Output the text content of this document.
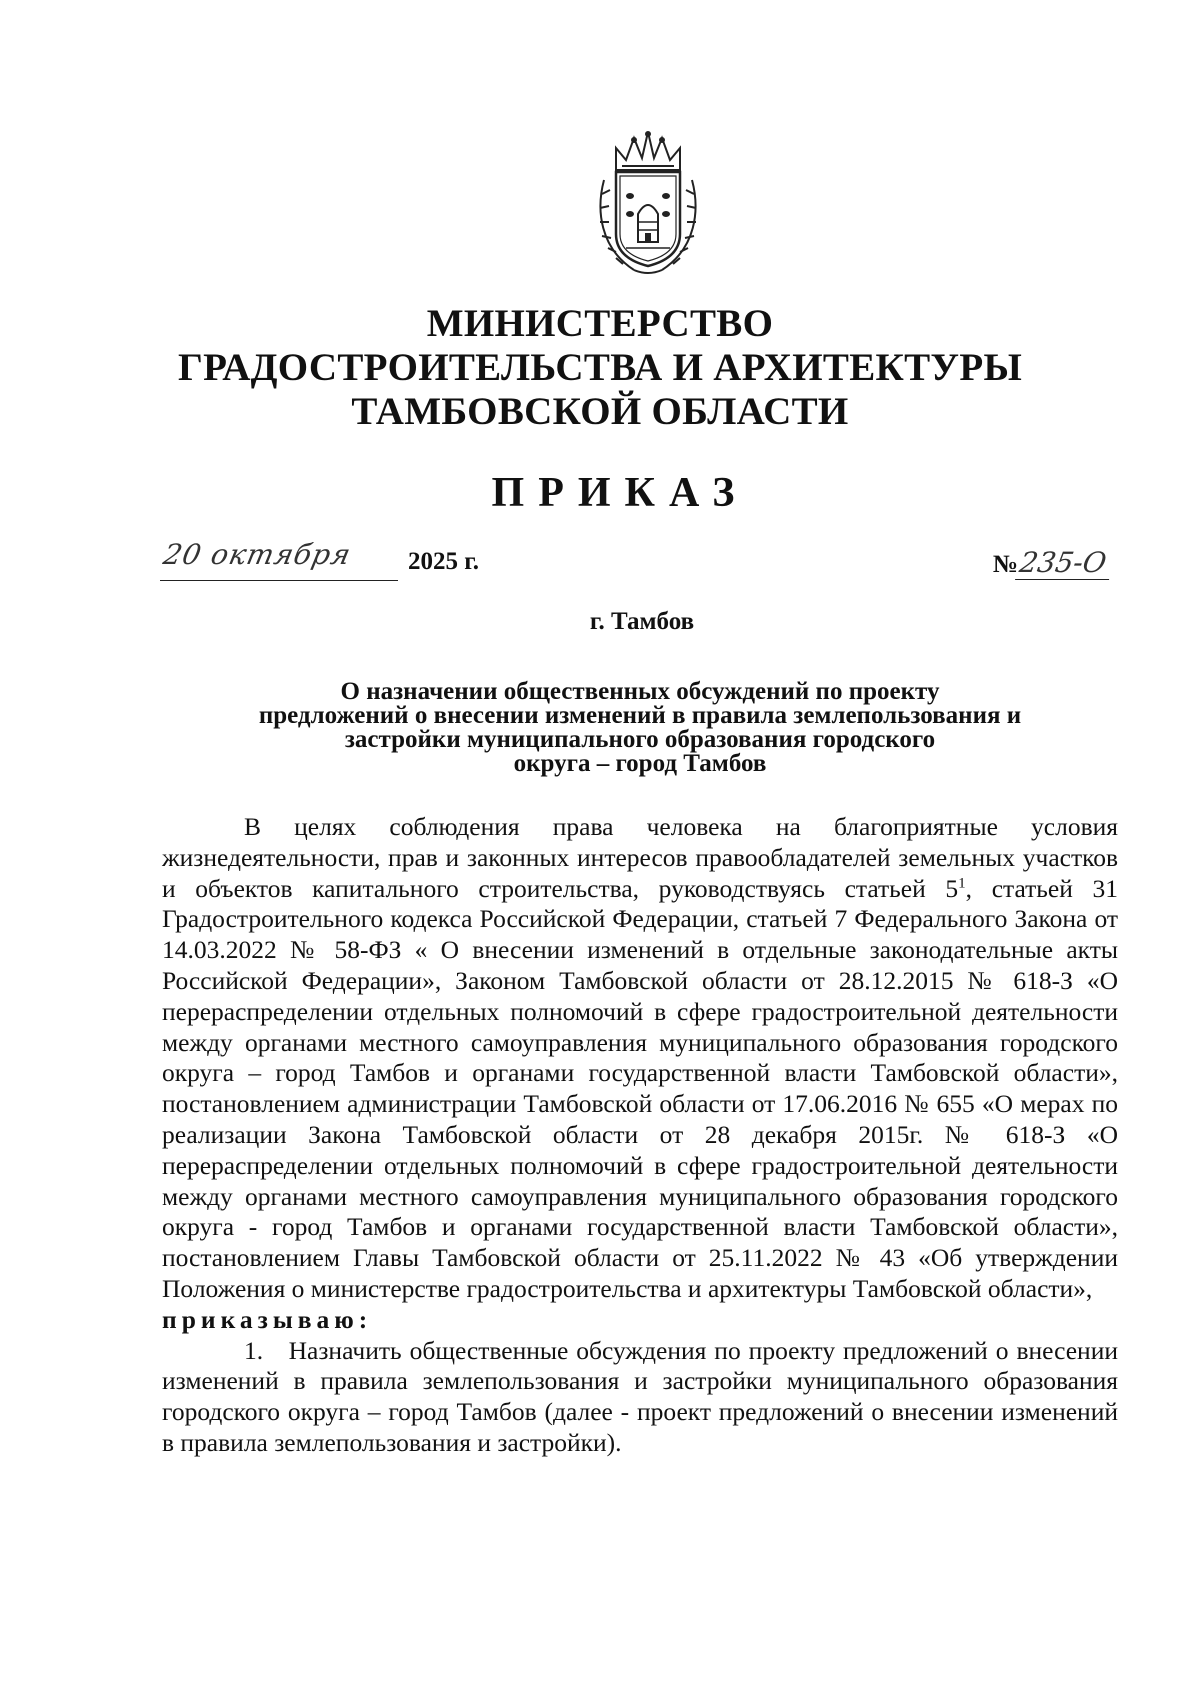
МИНИСТЕРСТВО
ГРАДОСТРОИТЕЛЬСТВА И АРХИТЕКТУРЫ
ТАМБОВСКОЙ ОБЛАСТИ
ПРИКАЗ
20 октября 2025 г.	№235-О
г. Тамбов
О назначении общественных обсуждений по проекту
предложений о внесении изменений в правила землепользования и
застройки муниципального образования городского
округа – город Тамбов

В целях соблюдения права человека на благоприятные условия жизнедеятельности, прав и законных интересов правообладателей земельных участков и объектов капитального строительства, руководствуясь статьей $5^1$, статьей 31 Градостроительного кодекса Российской Федерации, статьей 7 Федерального Закона от 14.03.2022 № 58-ФЗ « О внесении изменений в отдельные законодательные акты Российской Федерации», Законом Тамбовской области от 28.12.2015 № 618-З «О перераспределении отдельных полномочий в сфере градостроительной деятельности между органами местного самоуправления муниципального образования городского округа – город Тамбов и органами государственной власти Тамбовской области», постановлением администрации Тамбовской области от 17.06.2016 № 655 «О мерах по реализации Закона Тамбовской области от 28 декабря 2015г. № 618-З «О перераспределении отдельных полномочий в сфере градостроительной деятельности между органами местного самоуправления муниципального образования городского округа - город Тамбов и органами государственной власти Тамбовской области», постановлением Главы Тамбовской области от 25.11.2022 № 43 «Об утверждении Положения о министерстве градостроительства и архитектуры Тамбовской области»,

приказываю:

1. Назначить общественные обсуждения по проекту предложений о внесении изменений в правила землепользования и застройки муниципального образования городского округа – город Тамбов (далее - проект предложений о внесении изменений в правила землепользования и застройки).
